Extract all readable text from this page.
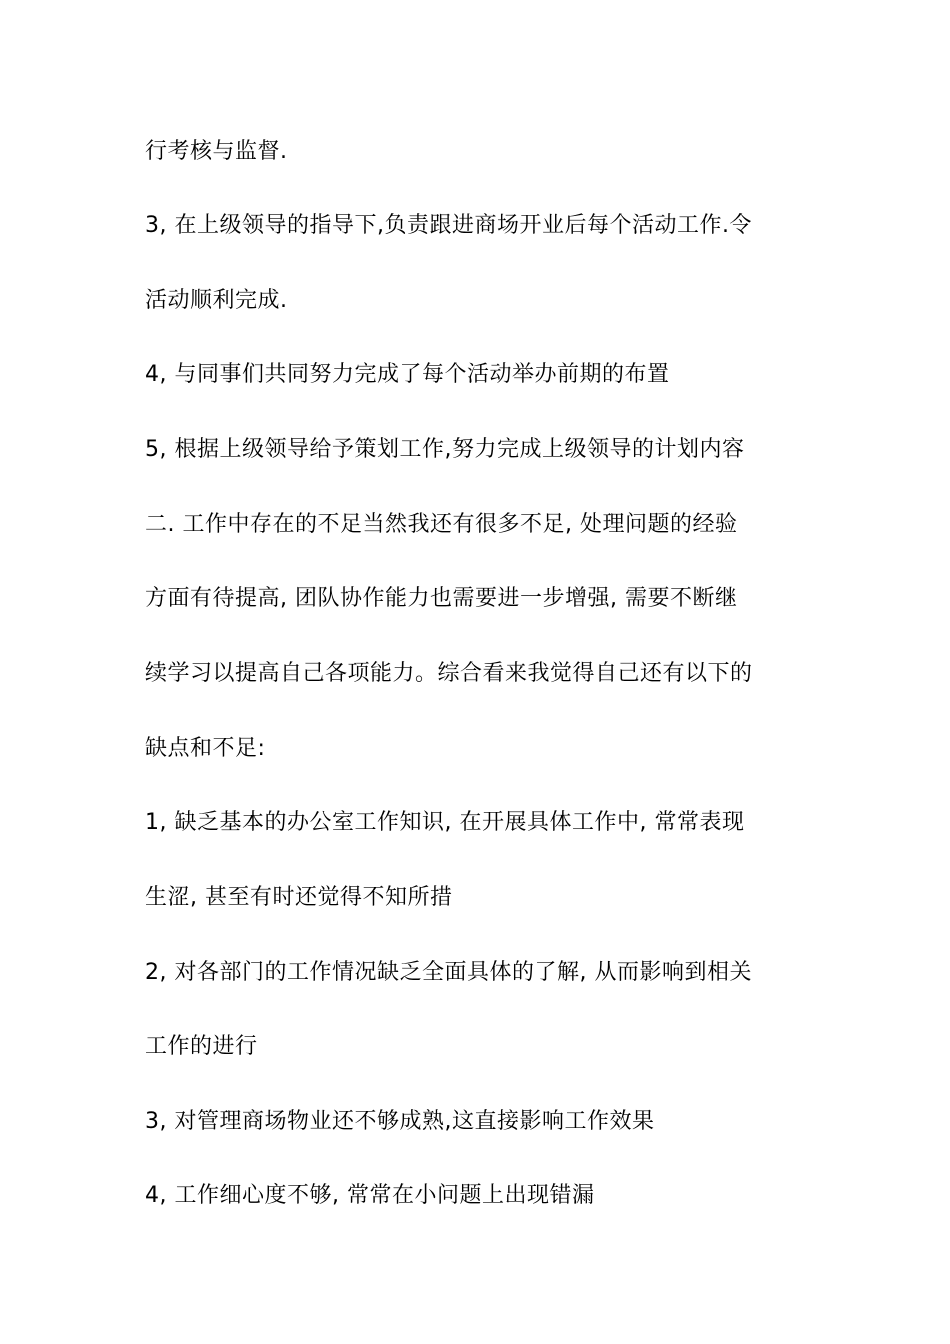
行考核与监督.

3, 在上级领导的指导下,负责跟进商场开业后每个活动工作.令

活动顺利完成.

4, 与同事们共同努力完成了每个活动举办前期的布置

5, 根据上级领导给予策划工作,努力完成上级领导的计划内容

二. 工作中存在的不足当然我还有很多不足, 处理问题的经验

方面有待提高, 团队协作能力也需要进一步增强, 需要不断继

续学习以提高自己各项能力。综合看来我觉得自己还有以下的

缺点和不足:

1, 缺乏基本的办公室工作知识, 在开展具体工作中, 常常表现

生涩, 甚至有时还觉得不知所措

2, 对各部门的工作情况缺乏全面具体的了解, 从而影响到相关

工作的进行

3, 对管理商场物业还不够成熟,这直接影响工作效果

4, 工作细心度不够, 常常在小问题上出现错漏
